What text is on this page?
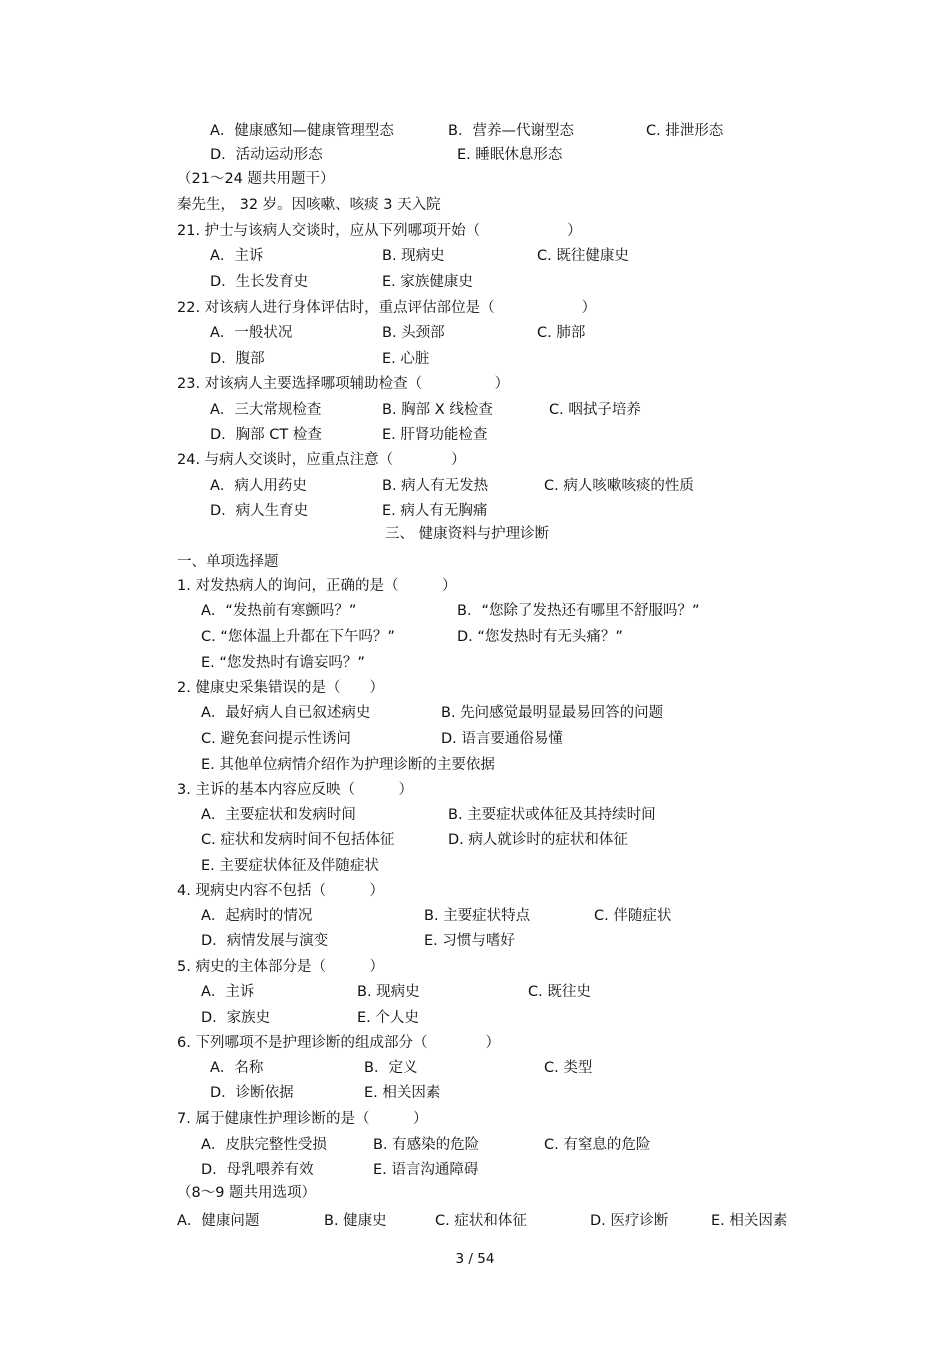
A．健康感知—健康管理型态	B．营养—代谢型态	C. 排泄形态
D．活动运动形态	E. 睡眠休息形态
（21～24 题共用题干）
秦先生， 32 岁。因咳嗽、咳痰 3 天入院
21. 护士与该病人交谈时，应从下列哪项开始（　　　　　　）
A．主诉	B. 现病史	C. 既往健康史
D．生长发育史	E. 家族健康史
22. 对该病人进行身体评估时，重点评估部位是（　　　　　　）
A．一般状况	B. 头颈部	C. 肺部
D．腹部	E. 心脏
23. 对该病人主要选择哪项辅助检查（　　　　　）
A．三大常规检查	B. 胸部 X 线检查	C. 咽拭子培养
D．胸部 CT 检查	E. 肝肾功能检查
24. 与病人交谈时，应重点注意（　　　　）
A．病人用药史	B. 病人有无发热	C. 病人咳嗽咳痰的性质
D．病人生育史	E. 病人有无胸痛
三、 健康资料与护理诊断
一、单项选择题
1. 对发热病人的询问，正确的是（　　　）
A．“发热前有寒颤吗？”	B．“您除了发热还有哪里不舒服吗？”
C. “您体温上升都在下午吗？”	D. “您发热时有无头痛？”
E. “您发热时有谵妄吗？”
2. 健康史采集错误的是（　　）
A．最好病人自已叙述病史	B. 先问感觉最明显最易回答的问题
C. 避免套问提示性诱问	D. 语言要通俗易懂
E. 其他单位病情介绍作为护理诊断的主要依据
3. 主诉的基本内容应反映（　　　）
A．主要症状和发病时间	B. 主要症状或体征及其持续时间
C. 症状和发病时间不包括体征	D. 病人就诊时的症状和体征
E. 主要症状体征及伴随症状
4. 现病史内容不包括（　　　）
A．起病时的情况	B. 主要症状特点	C. 伴随症状
D．病情发展与演变	E. 习惯与嗜好
5. 病史的主体部分是（　　　）
A．主诉	B. 现病史	C. 既往史
D．家族史	E. 个人史
6. 下列哪项不是护理诊断的组成部分（　　　　）
A．名称	B．定义	C. 类型
D．诊断依据	E. 相关因素
7. 属于健康性护理诊断的是（　　　）
A．皮肤完整性受损	B. 有感染的危险	C. 有窒息的危险
D．母乳喂养有效	E. 语言沟通障碍
（8～9 题共用选项）
A．健康问题	B. 健康史	C. 症状和体征	D. 医疗诊断	E. 相关因素
3 / 54
